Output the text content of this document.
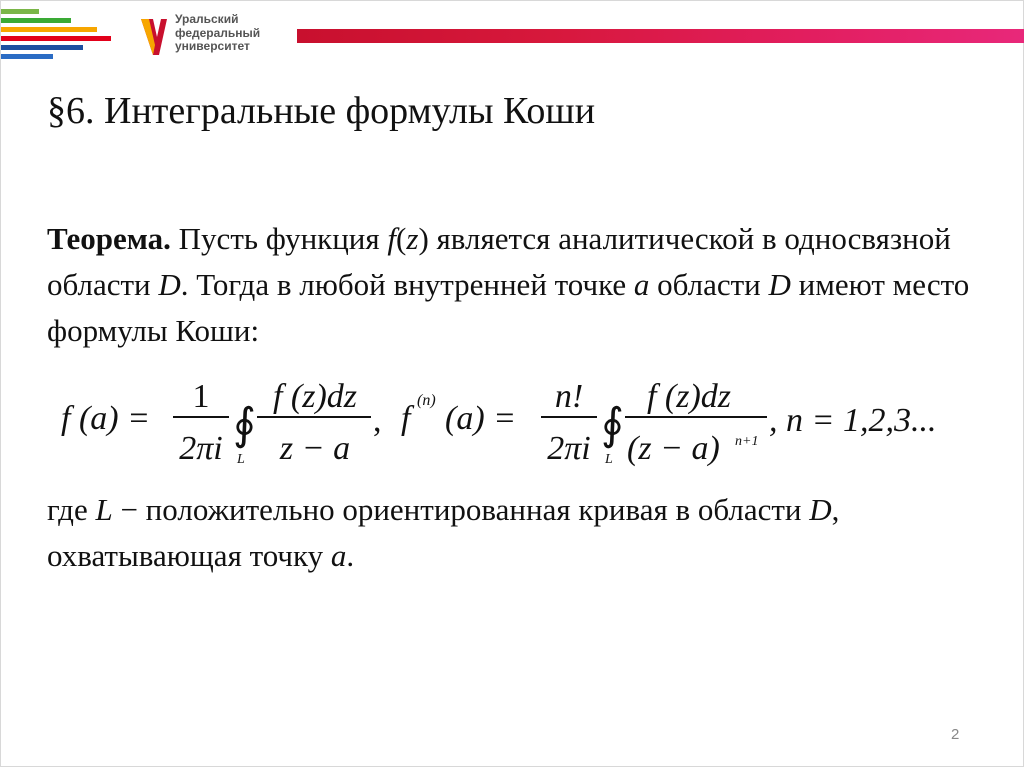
Уральский
федеральный
университет
§6. Интегральные формулы Коши
Теорема. Пусть функция f(z) является аналитической в односвязной области D. Тогда в любой внутренней точке a области D имеют место формулы Коши:
f (a) =
1
2πi ∮
L
f (z)dz
z − a
, f (n) (a) =
n!
2πi ∮
L
f (z)dz
(z − a) n+1
, n = 1,2,3...
где L − положительно ориентированная кривая в области D, охватывающая точку a.
2
